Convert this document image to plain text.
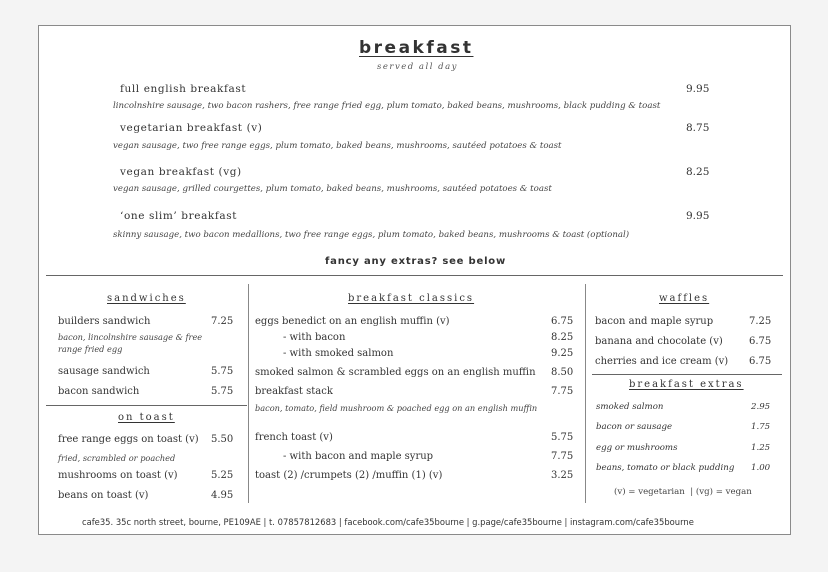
breakfast
served all day
full english breakfast	9.95
lincolnshire sausage, two bacon rashers, free range fried egg, plum tomato, baked beans, mushrooms, black pudding & toast
vegetarian breakfast (v)	8.75
vegan sausage, two free range eggs, plum tomato, baked beans, mushrooms, sautéed potatoes & toast
vegan breakfast (vg)	8.25
vegan sausage, grilled courgettes, plum tomato, baked beans, mushrooms, sautéed potatoes & toast
‘one slim’ breakfast	9.95
skinny sausage, two bacon medallions, two free range eggs, plum tomato, baked beans, mushrooms & toast (optional)
fancy any extras? see below
sandwiches
builders sandwich	7.25
bacon, lincolnshire sausage & free range fried egg
sausage sandwich	5.75
bacon sandwich	5.75
on toast
free range eggs on toast (v) 5.50
fried, scrambled or poached
mushrooms on toast (v)	5.25
beans on toast (v)	4.95
breakfast classics
eggs benedict on an english muffin (v)	6.75
- with bacon	8.25
- with smoked salmon	9.25
smoked salmon & scrambled eggs on an english muffin 8.50
breakfast stack	7.75
bacon, tomato, field mushroom & poached egg on an english muffin
french toast (v)	5.75
- with bacon and maple syrup	7.75
toast (2) /crumpets (2) /muffin (1) (v)	3.25
waffles
bacon and maple syrup	7.25
banana and chocolate (v)	6.75
cherries and ice cream (v) 6.75
breakfast extras
smoked salmon	2.95
bacon or sausage	1.75
egg or mushrooms	1.25
beans, tomato or black pudding 1.00
(v) = vegetarian  | (vg) = vegan
cafe35. 35c north street, bourne, PE109AE | t. 07857812683 | facebook.com/cafe35bourne | g.page/cafe35bourne | instagram.com/cafe35bourne
